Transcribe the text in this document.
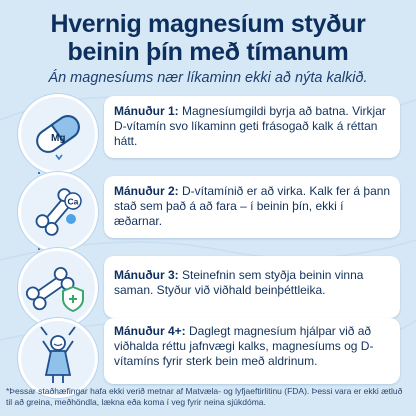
Hvernig magnesíum styður
beinin þín með tímanum
Án magnesíums nær líkaminn ekki að nýta kalkið.
Mg
Mánuður 1: Magnesíumgildi byrja að batna. Virkjar D-vítamín svo líkaminn geti frásogað kalk á réttan hátt.
Ca
Mánuður 2: D-vítamínið er að virka. Kalk fer á þann stað sem það á að fara – í beinin þín, ekki í æðarnar.
Mánuður 3: Steinefnin sem styðja beinin vinna saman. Styður við viðhald beinþéttleika.
Mánuður 4+: Daglegt magnesíum hjálpar við að viðhalda réttu jafnvægi kalks, magnesíums og D-vítamíns fyrir sterk bein með aldrinum.
*Þessar staðhæfingar hafa ekki verið metnar af Matvæla- og lyfjaeftirlitinu (FDA). Þessi vara er ekki ætluð til að greina, meðhöndla, lækna eða koma í veg fyrir neina sjúkdóma.
